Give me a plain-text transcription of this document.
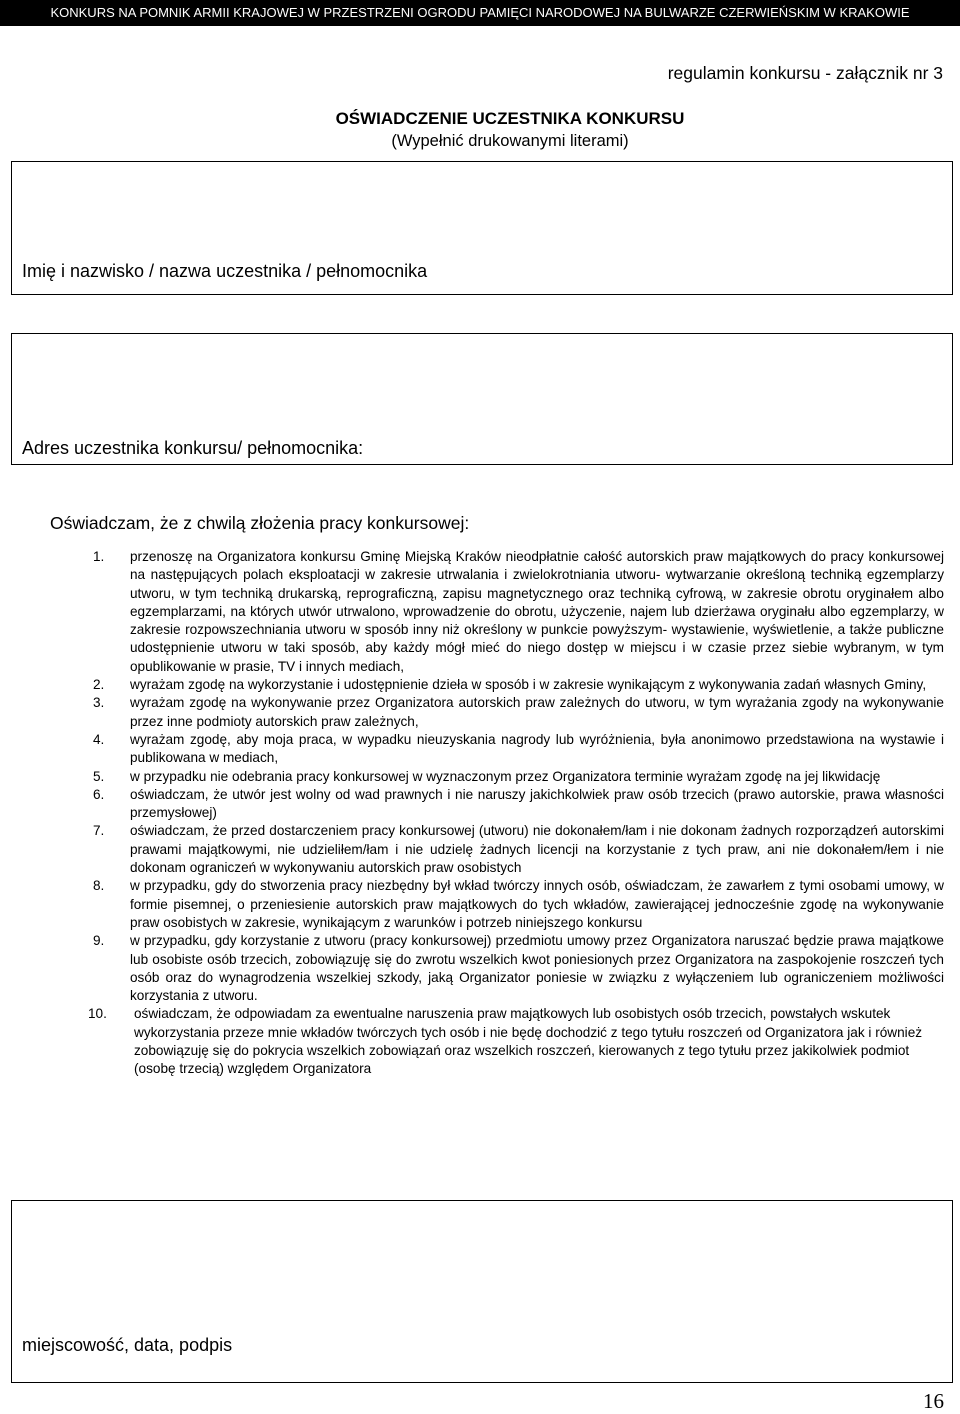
KONKURS NA POMNIK ARMII KRAJOWEJ W PRZESTRZENI OGRODU PAMIĘCI NARODOWEJ NA BULWARZE CZERWIEŃSKIM W KRAKOWIE
regulamin konkursu - załącznik nr 3
OŚWIADCZENIE UCZESTNIKA KONKURSU
(Wypełnić drukowanymi literami)
Imię i nazwisko / nazwa uczestnika / pełnomocnika
Adres uczestnika konkursu/ pełnomocnika:
Oświadczam, że z chwilą złożenia pracy konkursowej:
1. przenoszę na Organizatora konkursu Gminę Miejską Kraków nieodpłatnie całość autorskich praw majątkowych do pracy konkursowej na następujących polach eksploatacji w zakresie utrwalania i zwielokrotniania utworu- wytwarzanie określoną techniką egzemplarzy utworu, w tym techniką drukarską, reprograficzną, zapisu magnetycznego oraz techniką cyfrową, w zakresie obrotu oryginałem albo egzemplarzami, na których utwór utrwalono, wprowadzenie do obrotu, użyczenie, najem lub dzierżawa oryginału albo egzemplarzy, w zakresie rozpowszechniania utworu w sposób inny niż określony w punkcie powyższym- wystawienie, wyświetlenie, a także publiczne udostępnienie utworu w taki sposób, aby każdy mógł mieć do niego dostęp w miejscu i w czasie przez siebie wybranym, w tym opublikowanie w prasie, TV i innych mediach,
2. wyrażam zgodę na wykorzystanie i udostępnienie dzieła w sposób i w zakresie wynikającym z wykonywania zadań własnych Gminy,
3. wyrażam zgodę na wykonywanie przez Organizatora autorskich praw zależnych do utworu, w tym wyrażania zgody na wykonywanie przez inne podmioty autorskich praw zależnych,
4. wyrażam zgodę, aby moja praca, w wypadku nieuzyskania nagrody lub wyróżnienia, była anonimowo przedstawiona na wystawie i publikowana w mediach,
5. w przypadku nie odebrania pracy konkursowej w wyznaczonym przez Organizatora terminie wyrażam zgodę na jej likwidację
6. oświadczam, że utwór jest wolny od wad prawnych i nie naruszy jakichkolwiek praw osób trzecich (prawo autorskie, prawa własności przemysłowej)
7. oświadczam, że przed dostarczeniem pracy konkursowej (utworu) nie dokonałem/łam i nie dokonam żadnych rozporządzeń autorskimi prawami majątkowymi, nie udzieliłem/łam i nie udzielę żadnych licencji na korzystanie z tych praw, ani nie dokonałem/łem i nie dokonam ograniczeń w wykonywaniu autorskich praw osobistych
8. w przypadku, gdy do stworzenia pracy niezbędny był wkład twórczy innych osób, oświadczam, że zawarłem z tymi osobami umowy, w formie pisemnej, o przeniesienie autorskich praw majątkowych do tych wkładów, zawierającej jednocześnie zgodę na wykonywanie praw osobistych w zakresie, wynikającym z warunków i potrzeb niniejszego konkursu
9. w przypadku, gdy korzystanie z utworu (pracy konkursowej) przedmiotu umowy przez Organizatora naruszać będzie prawa majątkowe lub osobiste osób trzecich, zobowiązuję się do zwrotu wszelkich kwot poniesionych przez Organizatora na zaspokojenie roszczeń tych osób oraz do wynagrodzenia wszelkiej szkody, jaką Organizator poniesie w związku z wyłączeniem lub ograniczeniem możliwości korzystania z utworu.
10. oświadczam, że odpowiadam za ewentualne naruszenia praw majątkowych lub osobistych osób trzecich, powstałych wskutek wykorzystania przeze mnie wkładów twórczych tych osób i nie będę dochodzić z tego tytułu roszczeń od Organizatora jak i również zobowiązuję się do pokrycia wszelkich zobowiązań oraz wszelkich roszczeń, kierowanych z tego tytułu przez jakikolwiek podmiot (osobę trzecią) względem Organizatora
miejscowość, data, podpis
16
